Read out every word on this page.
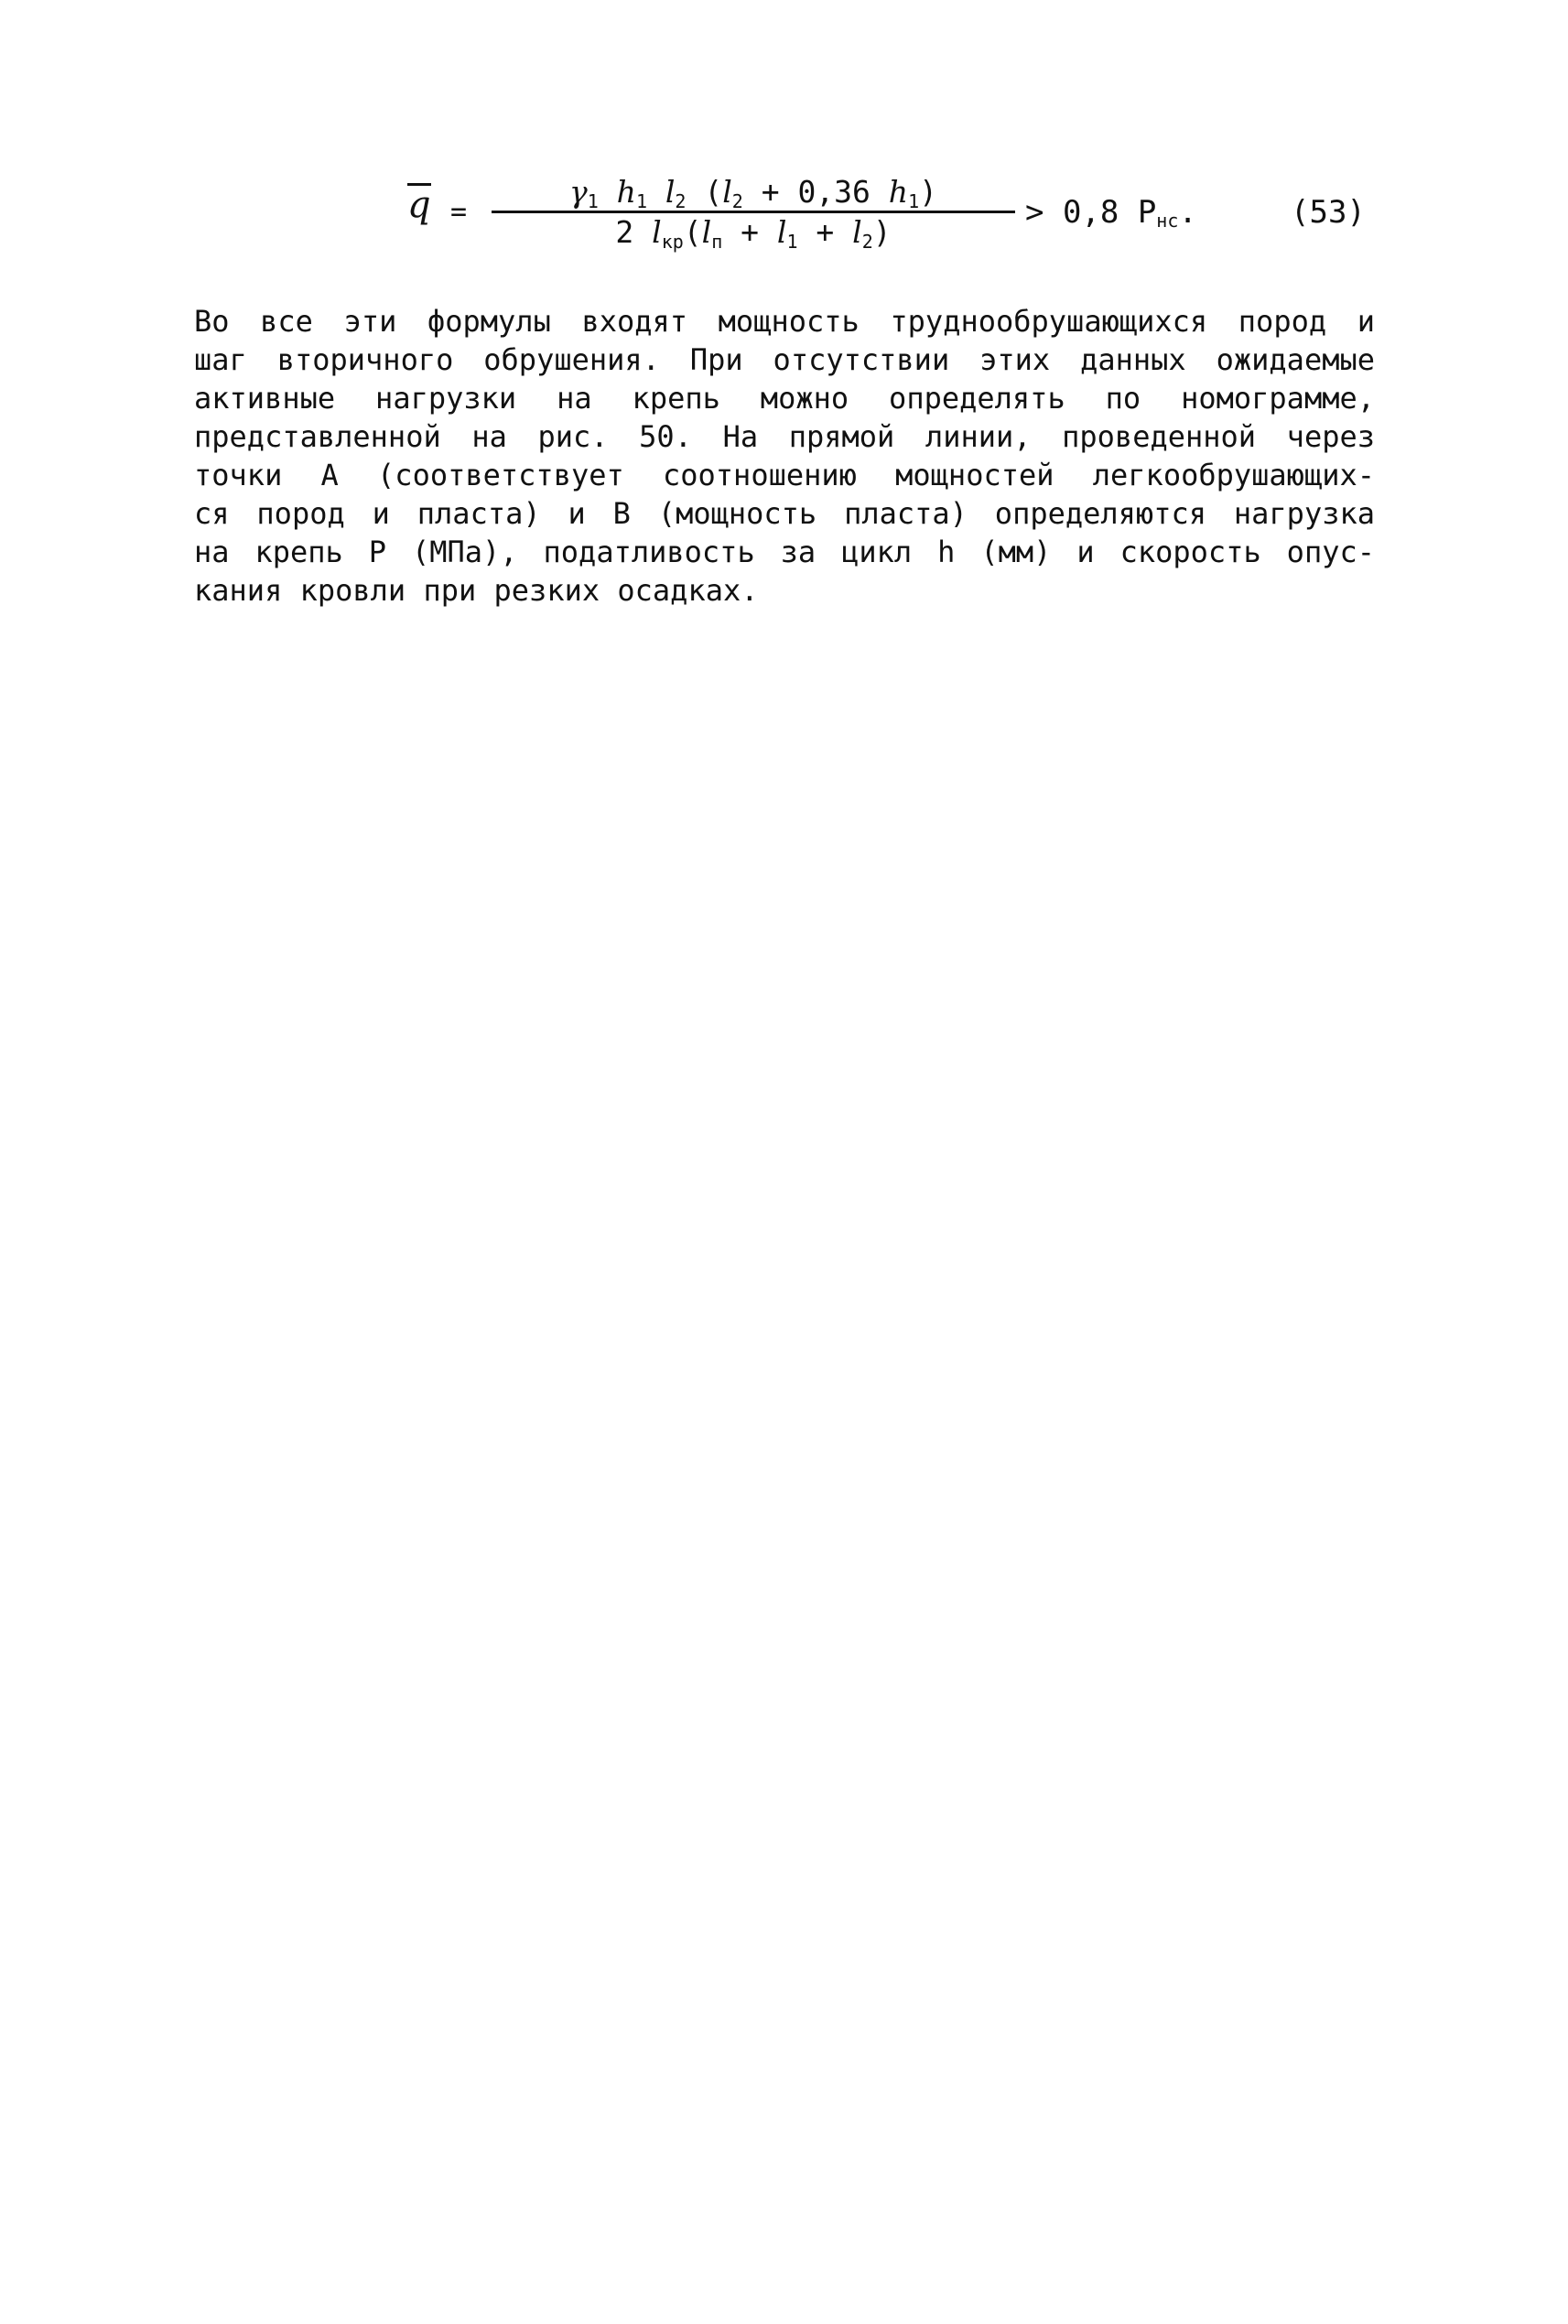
q =
$\gamma_1$ $h_1$ $l_2$ ($l_2 + 0,36$ $h_1$)
2 $l_{кр}(l_п + l_1 + l_2)$
> 0,8 $P_{нс}$.	(53)
Во все эти формулы входят мощность труднообрушающихся пород и
шаг вторичного обрушения. При отсутствии этих данных ожидаемые
активные нагрузки на крепь можно определять по номограмме,
представленной на рис. 50. На прямой линии, проведенной через
точки А (соответствует соотношению мощностей легкообрушающих-
ся пород и пласта) и В (мощность пласта) определяются нагрузка
на крепь Р (МПа), податливость за цикл h (мм) и скорость опус-
кания кровли при резких осадках.
